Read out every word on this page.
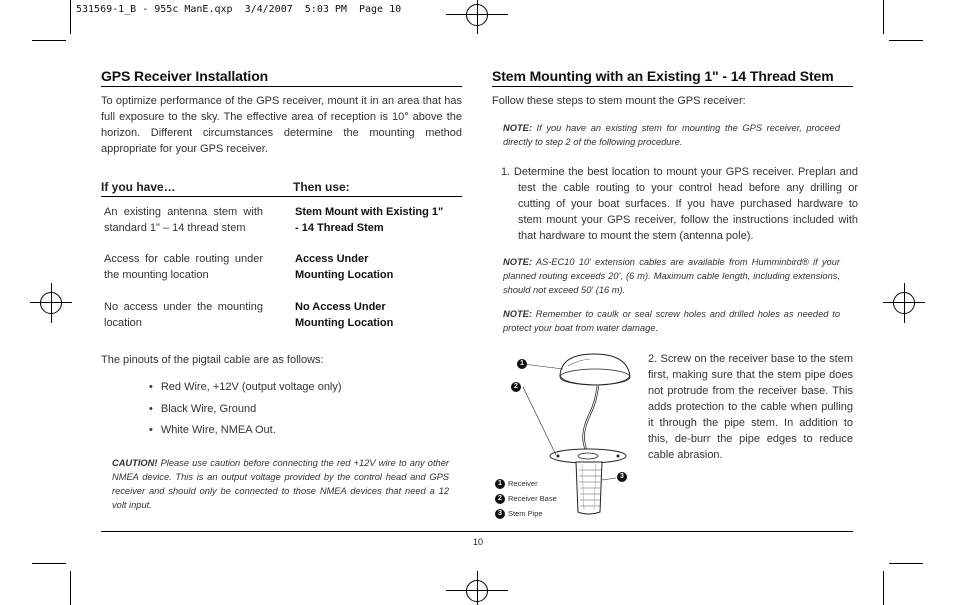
531569-1_B - 955c ManE.qxp  3/4/2007  5:03 PM  Page 10
GPS Receiver Installation
To optimize performance of the GPS receiver, mount it in an area that has full exposure to the sky. The effective area of reception is 10° above the horizon. Different circumstances determine the mounting method appropriate for your GPS receiver.
If you have…	Then use:
An existing antenna stem with standard 1" – 14 thread stem
Stem Mount with Existing 1" - 14 Thread Stem
Access for cable routing under the mounting location
Access Under Mounting Location
No access under the mounting location
No Access Under Mounting Location
The pinouts of the pigtail cable are as follows:
• Red Wire, +12V (output voltage only)
• Black Wire, Ground
• White Wire, NMEA Out.
CAUTION! Please use caution before connecting the red +12V wire to any other NMEA device. This is an output voltage provided by the control head and GPS receiver and should only be connected to those NMEA devices that need a 12 volt input.
Stem Mounting with an Existing 1" - 14 Thread Stem
Follow these steps to stem mount the GPS receiver:
NOTE: If you have an existing stem for mounting the GPS receiver, proceed directly to step 2 of the following procedure.
1. Determine the best location to mount your GPS receiver. Preplan and test the cable routing to your control head before any drilling or cutting of your boat surfaces. If you have purchased hardware to stem mount your GPS receiver, follow the instructions included with that hardware to mount the stem (antenna pole).
NOTE: AS-EC10 10' extension cables are available from Humminbird® if your planned routing exceeds 20', (6 m). Maximum cable length, including extensions, should not exceed 50' (16 m).
NOTE: Remember to caulk or seal screw holes and drilled holes as needed to protect your boat from water damage.
1
2
3
1 Receiver
2 Receiver Base
3 Stem Pipe
2. Screw on the receiver base to the stem first, making sure that the stem pipe does not protrude from the receiver base. This adds protection to the cable when pulling it through the pipe stem. In addition to this, de-burr the pipe edges to reduce cable abrasion.
10
